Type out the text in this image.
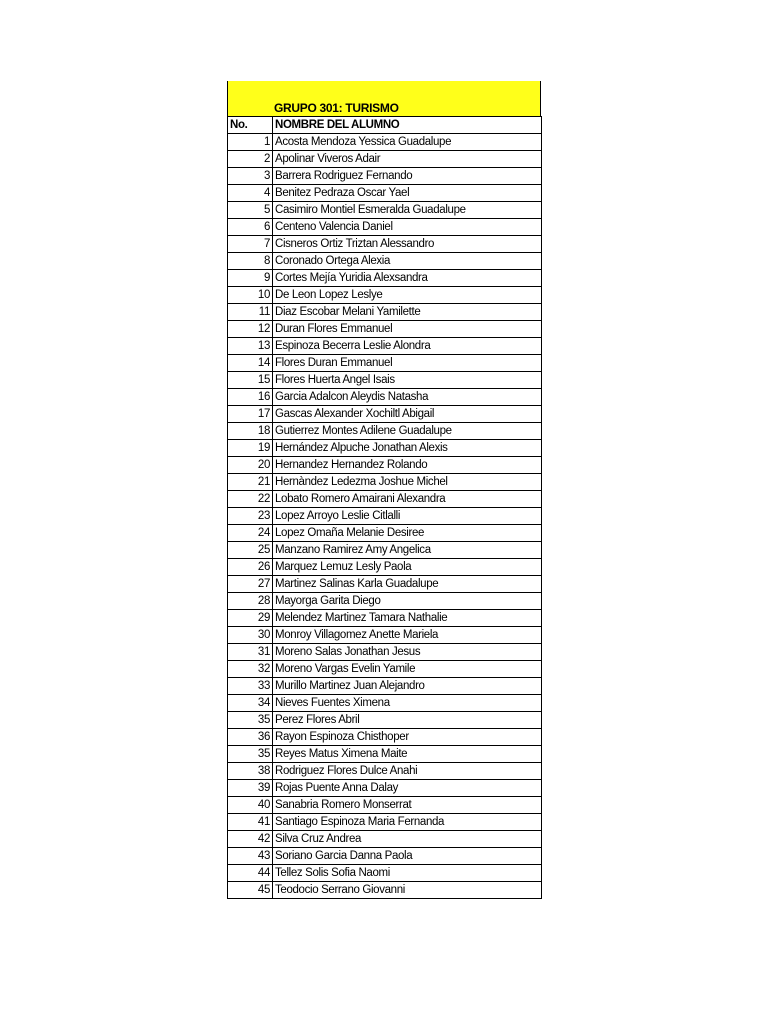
GRUPO 301: TURISMO
No.	NOMBRE DEL ALUMNO
1	Acosta Mendoza Yessica Guadalupe
2	Apolinar Viveros Adair
3	Barrera Rodriguez Fernando
4	Benitez Pedraza Oscar Yael
5	Casimiro Montiel Esmeralda Guadalupe
6	Centeno Valencia Daniel
7	Cisneros Ortiz Triztan Alessandro
8	Coronado Ortega Alexia
9	Cortes Mejía Yuridia Alexsandra
10	De Leon Lopez Leslye
11	Diaz Escobar Melani Yamilette
12	Duran Flores Emmanuel
13	Espinoza Becerra Leslie Alondra
14	Flores Duran Emmanuel
15	Flores Huerta Angel Isais
16	Garcia Adalcon Aleydis Natasha
17	Gascas Alexander Xochiltl Abigail
18	Gutierrez Montes Adilene Guadalupe
19	Hernández Alpuche Jonathan Alexis
20	Hernandez Hernandez Rolando
21	Hernàndez Ledezma Joshue Michel
22	Lobato Romero Amairani Alexandra
23	Lopez Arroyo Leslie Citlalli
24	Lopez Omaña Melanie Desiree
25	Manzano Ramirez Amy Angelica
26	Marquez Lemuz Lesly Paola
27	Martinez Salinas Karla Guadalupe
28	Mayorga Garita Diego
29	Melendez Martinez Tamara Nathalie
30	Monroy Villagomez Anette Mariela
31	Moreno Salas Jonathan Jesus
32	Moreno Vargas Evelin Yamile
33	Murillo Martinez Juan Alejandro
34	Nieves Fuentes Ximena
35	Perez Flores Abril
36	Rayon Espinoza Chisthoper
35	Reyes Matus Ximena Maite
38	Rodriguez Flores Dulce Anahi
39	Rojas Puente Anna Dalay
40	Sanabria Romero Monserrat
41	Santiago Espinoza Maria Fernanda
42	Silva Cruz Andrea
43	Soriano Garcia Danna Paola
44	Tellez Solis Sofia Naomi
45	Teodocio Serrano Giovanni
